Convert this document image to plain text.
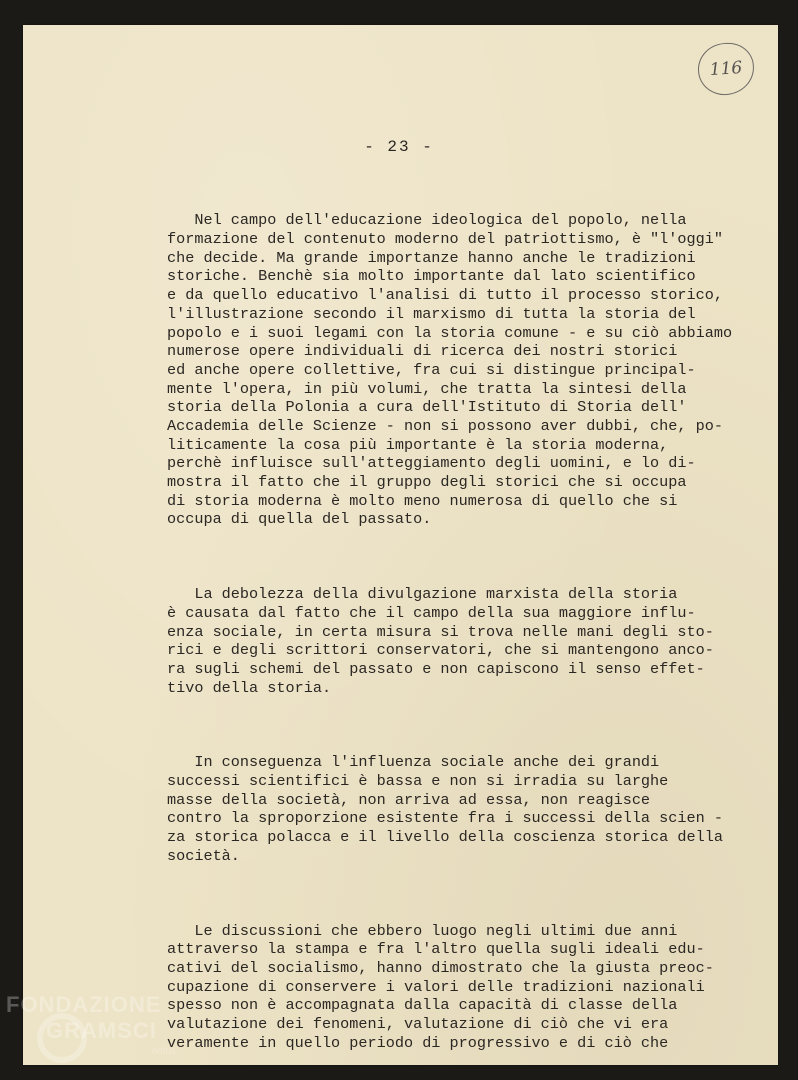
116
- 23 -

Nel campo dell'educazione ideologica del popolo, nella
formazione del contenuto moderno del patriottismo, è "l'oggi"
che decide. Ma grande importanze hanno anche le tradizioni
storiche. Benchè sia molto importante dal lato scientifico
e da quello educativo l'analisi di tutto il processo storico,
l'illustrazione secondo il marxismo di tutta la storia del
popolo e i suoi legami con la storia comune - e su ciò abbiamo
numerose opere individuali di ricerca dei nostri storici
ed anche opere collettive, fra cui si distingue principal-
mente l'opera, in più volumi, che tratta la sintesi della
storia della Polonia a cura dell'Istituto di Storia dell'
Accademia delle Scienze - non si possono aver dubbi, che, po-
liticamente la cosa più importante è la storia moderna,
perchè influisce sull'atteggiamento degli uomini, e lo di-
mostra il fatto che il gruppo degli storici che si occupa
di storia moderna è molto meno numerosa di quello che si
occupa di quella del passato.

La debolezza della divulgazione marxista della storia
è causata dal fatto che il campo della sua maggiore influ-
enza sociale, in certa misura si trova nelle mani degli sto-
rici e degli scrittori conservatori, che si mantengono anco-
ra sugli schemi del passato e non capiscono il senso effet-
tivo della storia.

In conseguenza l'influenza sociale anche dei grandi
successi scientifici è bassa e non si irradia su larghe
masse della società, non arriva ad essa, non reagisce
contro la sproporzione esistente fra i successi della scien -
za storica polacca e il livello della coscienza storica della
società.

Le discussioni che ebbero luogo negli ultimi due anni
attraverso la stampa e fra l'altro quella sugli ideali edu-
cativi del socialismo, hanno dimostrato che la giusta preoc-
cupazione di conservere i valori delle tradizioni nazionali
spesso non è accompagnata dalla capacità di classe della
valutazione dei fenomeni, valutazione di ciò che vi era
veramente in quello periodo di progressivo e di ciò che

FONDAZIONE
GRAMSCI
onlus
